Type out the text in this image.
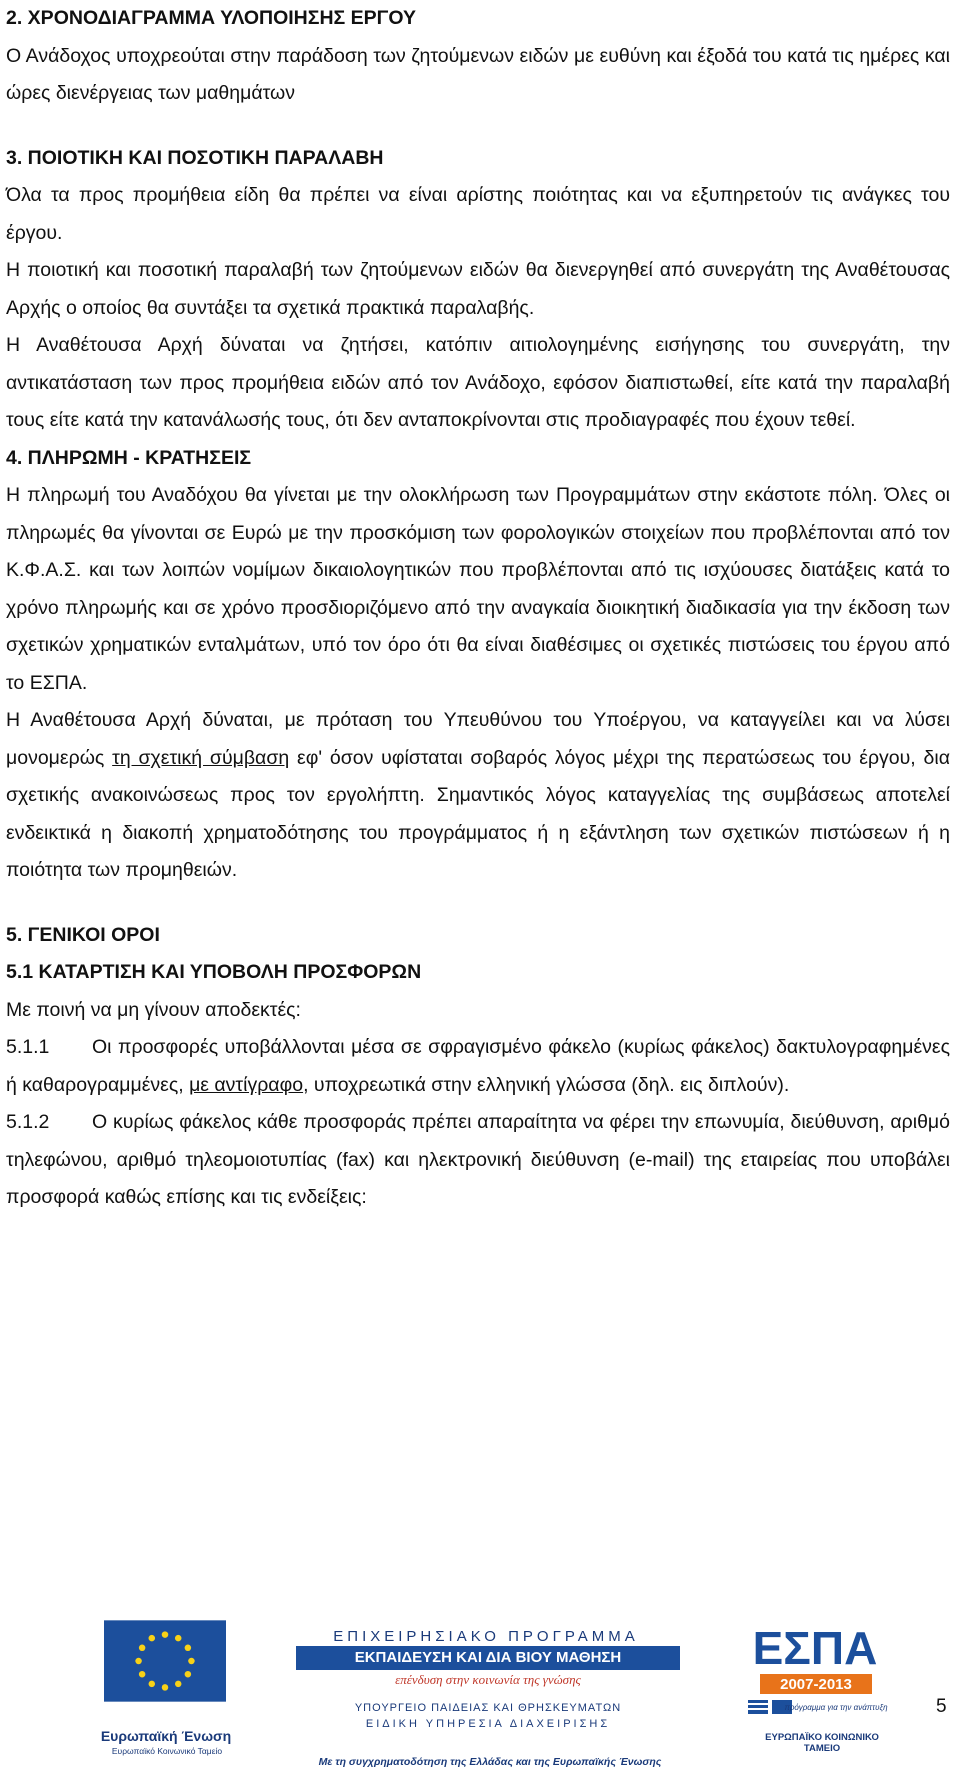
2. ΧΡΟΝΟΔΙΑΓΡΑΜΜΑ ΥΛΟΠΟΙΗΣΗΣ ΕΡΓΟΥ

Ο Ανάδοχος υποχρεούται στην παράδοση των ζητούμενων ειδών με ευθύνη και έξοδά του κατά τις ημέρες και ώρες διενέργειας των μαθημάτων

3. ΠΟΙΟΤΙΚΗ ΚΑΙ ΠΟΣΟΤΙΚΗ ΠΑΡΑΛΑΒΗ

Όλα τα προς προμήθεια είδη θα πρέπει να είναι αρίστης ποιότητας και να εξυπηρετούν τις ανάγκες του έργου.

Η ποιοτική και ποσοτική παραλαβή των ζητούμενων ειδών θα διενεργηθεί από συνεργάτη της Αναθέτουσας Αρχής ο οποίος θα συντάξει τα σχετικά πρακτικά παραλαβής.

Η Αναθέτουσα Αρχή δύναται να ζητήσει, κατόπιν αιτιολογημένης εισήγησης του συνεργάτη, την αντικατάσταση των προς προμήθεια ειδών από τον Ανάδοχο, εφόσον διαπιστωθεί, είτε κατά την παραλαβή τους είτε κατά την κατανάλωσής τους, ότι δεν ανταποκρίνονται στις προδιαγραφές που έχουν τεθεί.

4. ΠΛΗΡΩΜΗ - ΚΡΑΤΗΣΕΙΣ

Η πληρωμή του Αναδόχου θα γίνεται με την ολοκλήρωση των Προγραμμάτων στην εκάστοτε πόλη. Όλες οι πληρωμές θα γίνονται σε Ευρώ με την προσκόμιση των φορολογικών στοιχείων που προβλέπονται από τον Κ.Φ.Α.Σ. και των λοιπών νομίμων δικαιολογητικών που προβλέπονται από τις ισχύουσες διατάξεις κατά το χρόνο πληρωμής και σε χρόνο προσδιοριζόμενο από την αναγκαία διοικητική διαδικασία για την έκδοση των σχετικών χρηματικών ενταλμάτων, υπό τον όρο ότι θα είναι διαθέσιμες οι σχετικές πιστώσεις του έργου από το ΕΣΠΑ.

Η Αναθέτουσα Αρχή δύναται, με πρόταση του Υπευθύνου του Υποέργου, να καταγγείλει και να λύσει μονομερώς τη σχετική σύμβαση εφ' όσον υφίσταται σοβαρός λόγος μέχρι της περατώσεως του έργου, δια σχετικής ανακοινώσεως προς τον εργολήπτη. Σημαντικός λόγος καταγγελίας της συμβάσεως αποτελεί ενδεικτικά η διακοπή χρηματοδότησης του προγράμματος ή η εξάντληση των σχετικών πιστώσεων ή η ποιότητα των προμηθειών.

5. ΓΕΝΙΚΟΙ ΟΡΟΙ
5.1 ΚΑΤΑΡΤΙΣΗ ΚΑΙ ΥΠΟΒΟΛΗ ΠΡΟΣΦΟΡΩΝ

Με ποινή να μη γίνουν αποδεκτές:

5.1.1 Οι προσφορές υποβάλλονται μέσα σε σφραγισμένο φάκελο (κυρίως φάκελος) δακτυλογραφημένες ή καθαρογραμμένες, με αντίγραφο, υποχρεωτικά στην ελληνική γλώσσα (δηλ. εις διπλούν).

5.1.2 Ο κυρίως φάκελος κάθε προσφοράς πρέπει απαραίτητα να φέρει την επωνυμία, διεύθυνση, αριθμό τηλεφώνου, αριθμό τηλεομοιοτυπίας (fax) και ηλεκτρονική διεύθυνση (e-mail) της εταιρείας που υποβάλει προσφορά καθώς επίσης και τις ενδείξεις:

Ευρωπαϊκή Ένωση
Ευρωπαϊκό Κοινωνικό Ταμείο
ΕΠΙΧΕΙΡΗΣΙΑΚΟ ΠΡΟΓΡΑΜΜΑ
ΕΚΠΑΙΔΕΥΣΗ ΚΑΙ ΔΙΑ ΒΙΟΥ ΜΑΘΗΣΗ
επένδυση στην κοινωνία της γνώσης
ΥΠΟΥΡΓΕΙΟ ΠΑΙΔΕΙΑΣ ΚΑΙ ΘΡΗΣΚΕΥΜΑΤΩΝ
ΕΙΔΙΚΗ ΥΠΗΡΕΣΙΑ ΔΙΑΧΕΙΡΙΣΗΣ
Με τη συγχρηματοδότηση της Ελλάδας και της Ευρωπαϊκής Ένωσης
ΕΣΠΑ
2007-2013
πρόγραμμα για την ανάπτυξη
ΕΥΡΩΠΑΪΚΟ ΚΟΙΝΩΝΙΚΟ ΤΑΜΕΙΟ
5
